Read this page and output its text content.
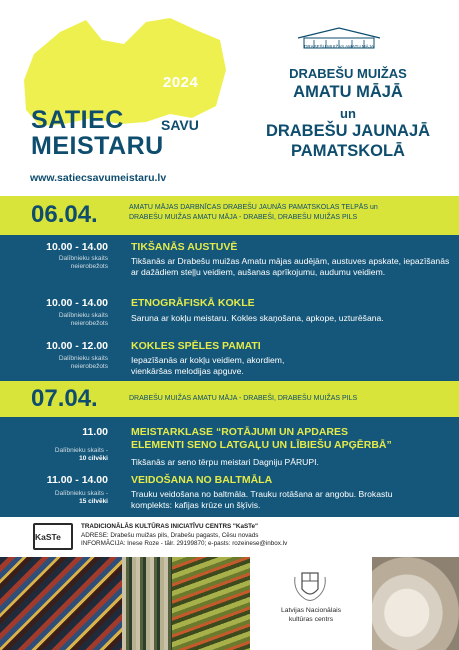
2024
SATIEC	SAVU
MEISTARU
www.satiecsavumeistaru.lv
DRABEŠU MUIŽAS AMATU MĀJA
DRABEŠU MUIŽAS
AMATU MĀJĀ
un
DRABEŠU JAUNAJĀ
PAMATSKOLĀ
06.04.	AMATU MĀJAS DARBNĪCAS DRABEŠU JAUNĀS PAMATSKOLAS TELPĀS un
DRABEŠU MUIŽAS AMATU MĀJA - DRABEŠI, DRABEŠU MUIŽAS PILS
10.00 - 14.00
Dalībnieku skaits
neierobežots
TIKŠANĀS AUSTUVĒ
Tikšanās ar Drabešu muižas Amatu mājas audējām, austuves apskate, iepazīšanās ar dažādiem steļļu veidiem, aušanas aprīkojumu, audumu veidiem.
10.00 - 14.00
Dalībnieku skaits
neierobežots
ETNOGRĀFISKĀ KOKLE
Saruna ar kokļu meistaru. Kokles skaņošana, apkope, uzturēšana.
10.00 - 12.00
Dalībnieku skaits
neierobežots
KOKLES SPĒLES PAMATI
Iepazīšanās ar kokļu veidiem, akordiem, vienkāršas melodijas apguve.
07.04.	DRABEŠU MUIŽAS AMATU MĀJA - DRABEŠI, DRABEŠU MUIŽAS PILS
11.00
Dalībnieku skaits -
10 cilvēki
MEISTARKLASE “ROTĀJUMI UN APDARES
ELEMENTI SENO LATGAĻU UN LĪBIEŠU APĢĒRBĀ”
Tikšanās ar seno tērpu meistari Dagniju PĀRUPI.
11.00 - 14.00
Dalībnieku skaits -
15 cilvēki
VEIDOŠANA NO BALTMĀLA
Trauku veidošana no baltmāla. Trauku rotāšana ar angobu. Brokastu komplekts: kafijas krūze un šķīvis.
KaSTe
TRADICIONĀLĀS KULTŪRAS INICIATĪVU CENTRS "KaSTe"
ADRESE: Drabešu muižas pils, Drabešu pagasts, Cēsu novads
INFORMĀCIJA: Inese Roze - tālr. 29199870; e-pasts: rozeinese@inbox.lv
Latvijas Nacionālais
kultūras centrs
